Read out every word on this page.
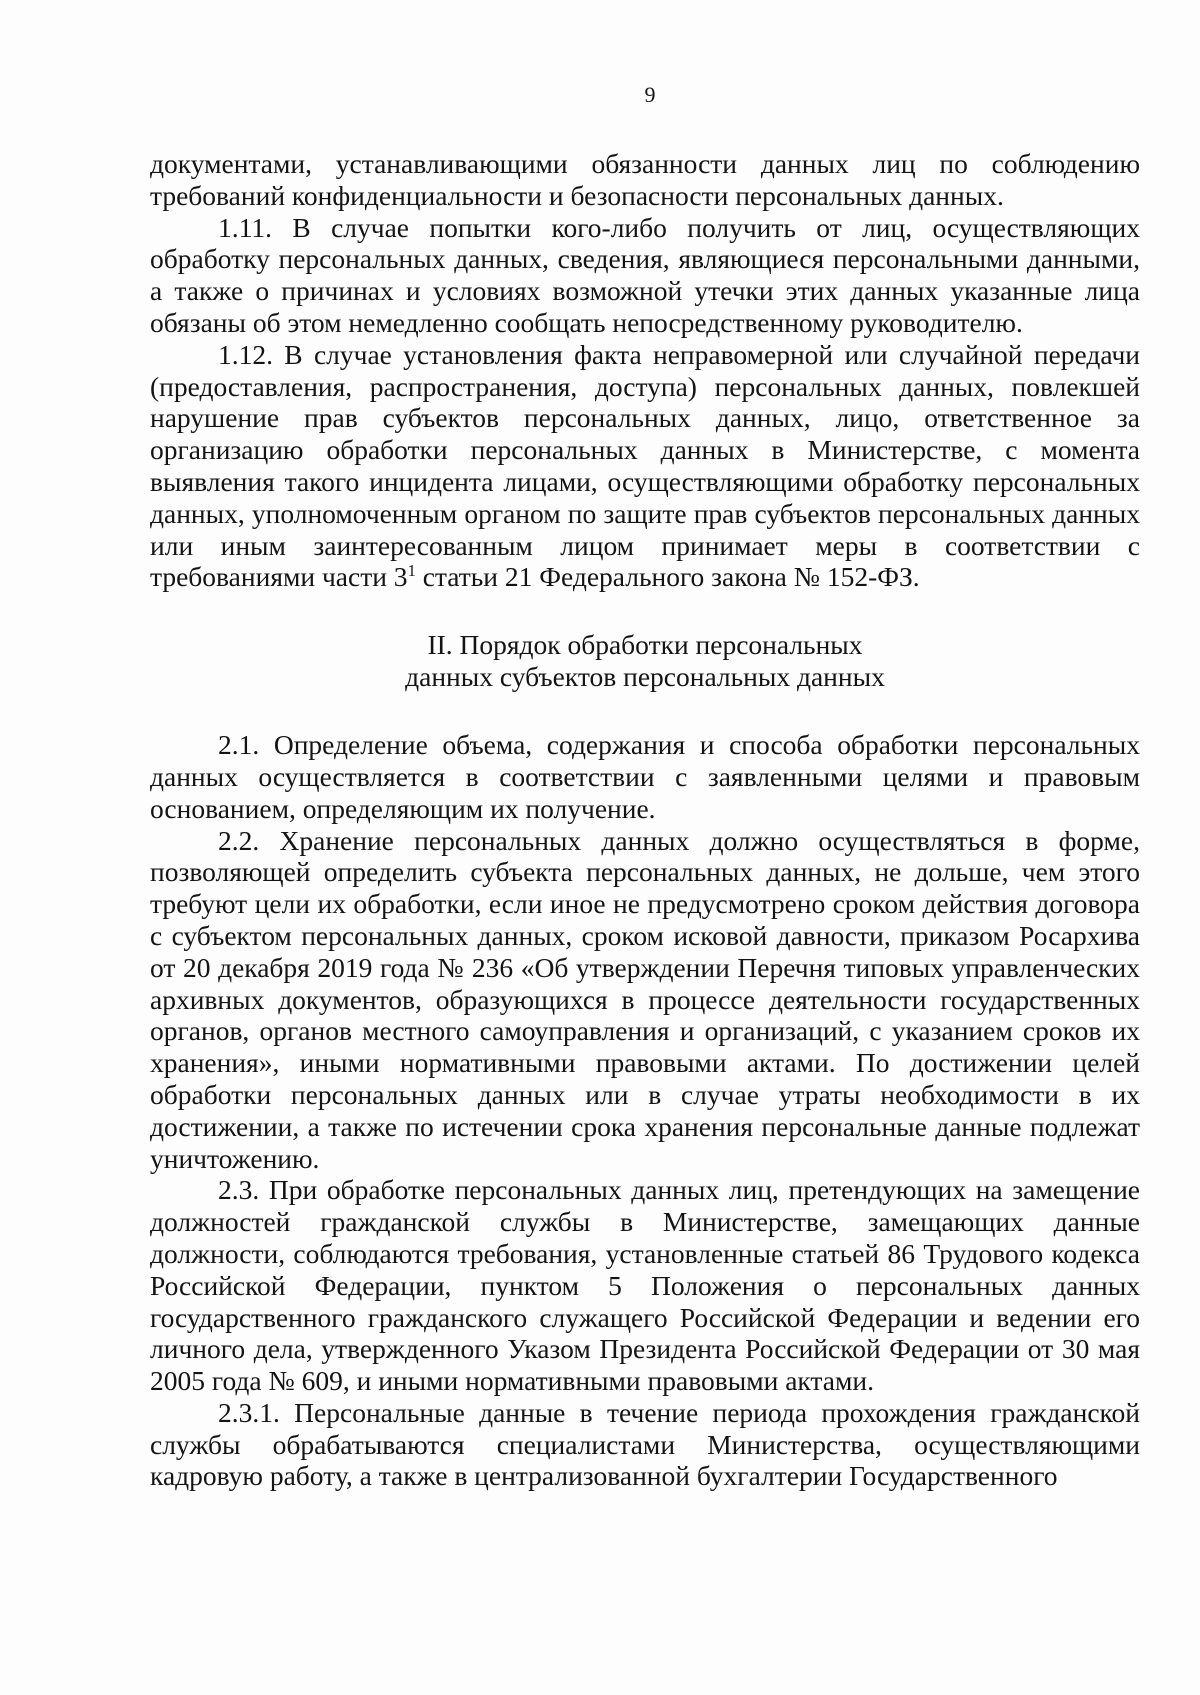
9

документами, устанавливающими обязанности данных лиц по соблюдению требований конфиденциальности и безопасности персональных данных.

1.11. В случае попытки кого-либо получить от лиц, осуществляющих обработку персональных данных, сведения, являющиеся персональными данными, а также о причинах и условиях возможной утечки этих данных указанные лица обязаны об этом немедленно сообщать непосредственному руководителю.

1.12. В случае установления факта неправомерной или случайной передачи (предоставления, распространения, доступа) персональных данных, повлекшей нарушение прав субъектов персональных данных, лицо, ответственное за организацию обработки персональных данных в Министерстве, с момента выявления такого инцидента лицами, осуществляющими обработку персональных данных, уполномоченным органом по защите прав субъектов персональных данных или иным заинтересованным лицом принимает меры в соответствии с требованиями части $3^1$ статьи 21 Федерального закона № 152-ФЗ.

II. Порядок обработки персональных
данных субъектов персональных данных

2.1. Определение объема, содержания и способа обработки персональных данных осуществляется в соответствии с заявленными целями и правовым основанием, определяющим их получение.

2.2. Хранение персональных данных должно осуществляться в форме, позволяющей определить субъекта персональных данных, не дольше, чем этого требуют цели их обработки, если иное не предусмотрено сроком действия договора с субъектом персональных данных, сроком исковой давности, приказом Росархива от 20 декабря 2019 года № 236 «Об утверждении Перечня типовых управленческих архивных документов, образующихся в процессе деятельности государственных органов, органов местного самоуправления и организаций, с указанием сроков их хранения», иными нормативными правовыми актами. По достижении целей обработки персональных данных или в случае утраты необходимости в их достижении, а также по истечении срока хранения персональные данные подлежат уничтожению.

2.3. При обработке персональных данных лиц, претендующих на замещение должностей гражданской службы в Министерстве, замещающих данные должности, соблюдаются требования, установленные статьей 86 Трудового кодекса Российской Федерации, пунктом 5 Положения о персональных данных государственного гражданского служащего Российской Федерации и ведении его личного дела, утвержденного Указом Президента Российской Федерации от 30 мая 2005 года № 609, и иными нормативными правовыми актами.

2.3.1. Персональные данные в течение периода прохождения гражданской службы обрабатываются специалистами Министерства, осуществляющими кадровую работу, а также в централизованной бухгалтерии Государственного
